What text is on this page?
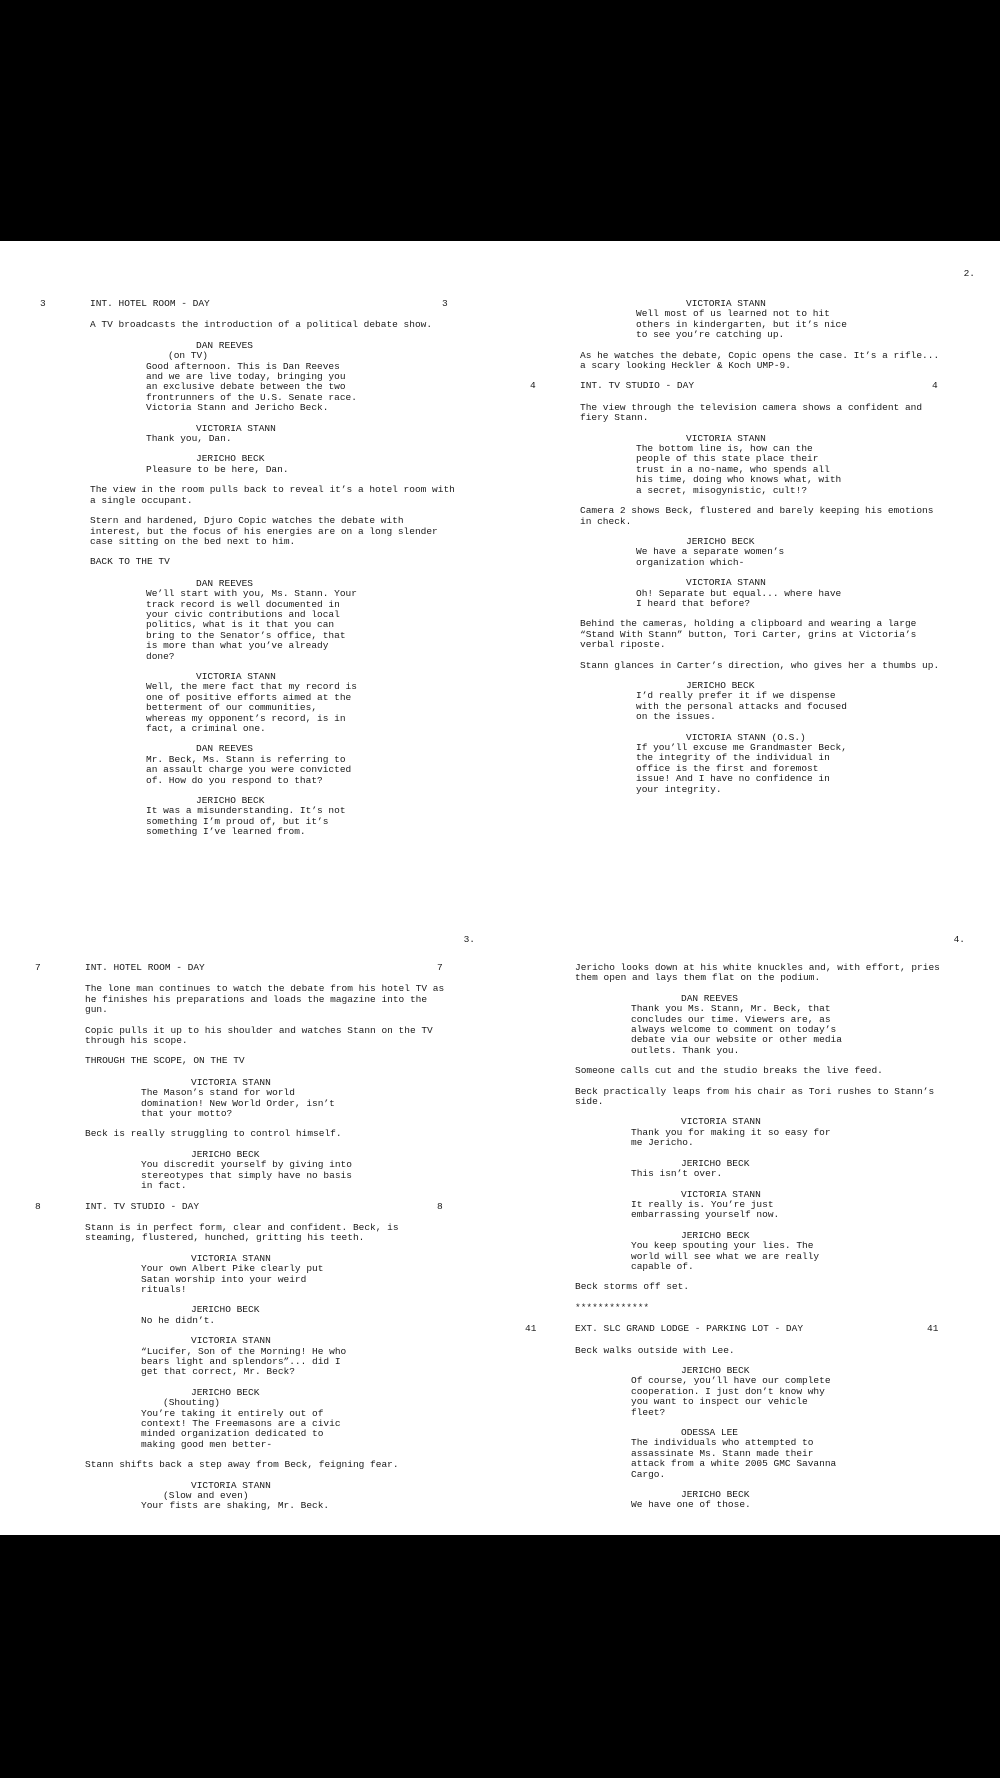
3	INT. HOTEL ROOM - DAY	3

A TV broadcasts the introduction of a political debate show.

DAN REEVES

(on TV)

Good afternoon. This is Dan Reeves and we are live today, bringing you an exclusive debate between the two frontrunners of the U.S. Senate race. Victoria Stann and Jericho Beck.

VICTORIA STANN

Thank you, Dan.

JERICHO BECK

Pleasure to be here, Dan.

The view in the room pulls back to reveal it’s a hotel room with a single occupant.

Stern and hardened, Djuro Copic watches the debate with interest, but the focus of his energies are on a long slender case sitting on the bed next to him.

BACK TO THE TV

DAN REEVES

We’ll start with you, Ms. Stann. Your track record is well documented in your civic contributions and local politics, what is it that you can bring to the Senator’s office, that is more than what you’ve already done?

VICTORIA STANN

Well, the mere fact that my record is one of positive efforts aimed at the betterment of our communities, whereas my opponent’s record, is in fact, a criminal one.

DAN REEVES

Mr. Beck, Ms. Stann is referring to an assault charge you were convicted of. How do you respond to that?

JERICHO BECK

It was a misunderstanding. It’s not something I’m proud of, but it’s something I’ve learned from.

2.

VICTORIA STANN

Well most of us learned not to hit others in kindergarten, but it’s nice to see you’re catching up.

As he watches the debate, Copic opens the case. It’s a rifle... a scary looking Heckler & Koch UMP-9.

4	INT. TV STUDIO - DAY	4

The view through the television camera shows a confident and fiery Stann.

VICTORIA STANN

The bottom line is, how can the people of this state place their trust in a no-name, who spends all his time, doing who knows what, with a secret, misogynistic, cult!?

Camera 2 shows Beck, flustered and barely keeping his emotions in check.

JERICHO BECK

We have a separate women’s organization which-

VICTORIA STANN

Oh! Separate but equal... where have I heard that before?

Behind the cameras, holding a clipboard and wearing a large “Stand With Stann” button, Tori Carter, grins at Victoria’s verbal riposte.

Stann glances in Carter’s direction, who gives her a thumbs up.

JERICHO BECK

I’d really prefer it if we dispense with the personal attacks and focused on the issues.

VICTORIA STANN (O.S.)

If you’ll excuse me Grandmaster Beck, the integrity of the individual in office is the first and foremost issue! And I have no confidence in your integrity.

3.

7	INT. HOTEL ROOM - DAY	7

The lone man continues to watch the debate from his hotel TV as he finishes his preparations and loads the magazine into the gun.

Copic pulls it up to his shoulder and watches Stann on the TV through his scope.

THROUGH THE SCOPE, ON THE TV

VICTORIA STANN

The Mason’s stand for world domination! New World Order, isn’t that your motto?

Beck is really struggling to control himself.

JERICHO BECK

You discredit yourself by giving into stereotypes that simply have no basis in fact.

8	INT. TV STUDIO - DAY	8

Stann is in perfect form, clear and confident. Beck, is steaming, flustered, hunched, gritting his teeth.

VICTORIA STANN

Your own Albert Pike clearly put Satan worship into your weird rituals!

JERICHO BECK

No he didn’t.

VICTORIA STANN

“Lucifer, Son of the Morning! He who bears light and splendors”... did I get that correct, Mr. Beck?

JERICHO BECK

(Shouting)

You’re taking it entirely out of context! The Freemasons are a civic minded organization dedicated to making good men better-

Stann shifts back a step away from Beck, feigning fear.

VICTORIA STANN

(Slow and even)

Your fists are shaking, Mr. Beck.

4.

Jericho looks down at his white knuckles and, with effort, pries them open and lays them flat on the podium.

DAN REEVES

Thank you Ms. Stann, Mr. Beck, that concludes our time. Viewers are, as always welcome to comment on today’s debate via our website or other media outlets. Thank you.

Someone calls cut and the studio breaks the live feed.

Beck practically leaps from his chair as Tori rushes to Stann’s side.

VICTORIA STANN

Thank you for making it so easy for me Jericho.

JERICHO BECK

This isn’t over.

VICTORIA STANN

It really is. You’re just embarrassing yourself now.

JERICHO BECK

You keep spouting your lies. The world will see what we are really capable of.

Beck storms off set.

*************

41	EXT. SLC GRAND LODGE - PARKING LOT - DAY	41

Beck walks outside with Lee.

JERICHO BECK

Of course, you’ll have our complete cooperation. I just don’t know why you want to inspect our vehicle fleet?

ODESSA LEE

The individuals who attempted to assassinate Ms. Stann made their attack from a white 2005 GMC Savanna Cargo.

JERICHO BECK

We have one of those.
